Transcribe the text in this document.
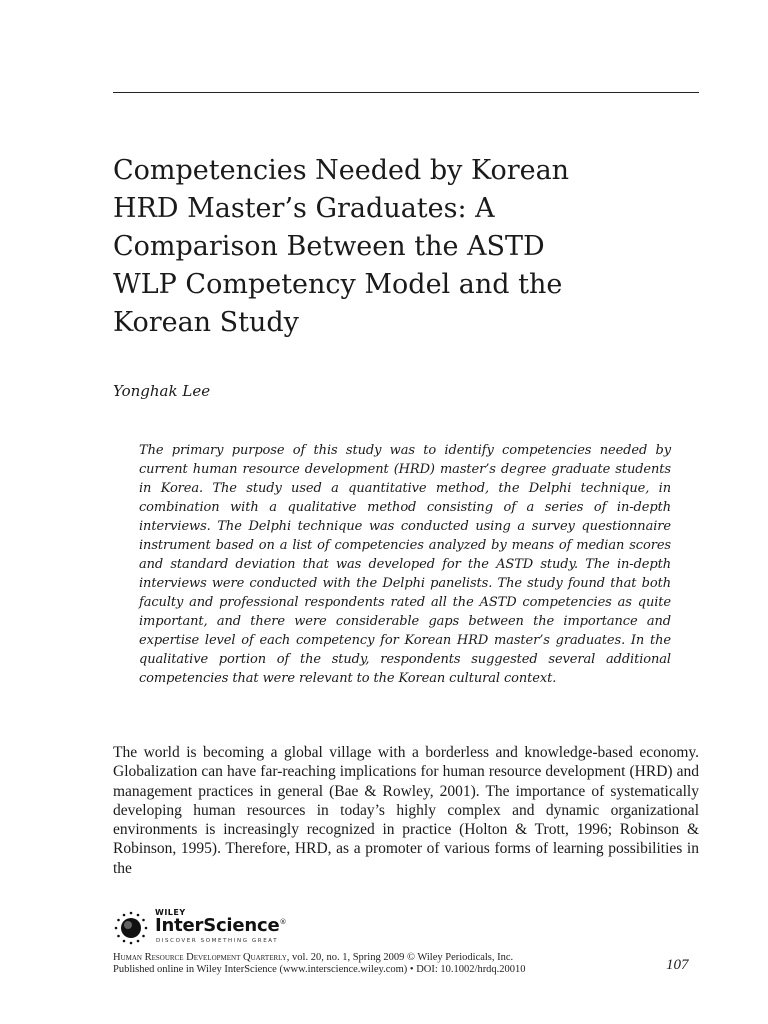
Competencies Needed by Korean
HRD Master’s Graduates: A
Comparison Between the ASTD
WLP Competency Model and the
Korean Study

Yonghak Lee

The primary purpose of this study was to identify competencies needed by current human resource development (HRD) master’s degree graduate students in Korea. The study used a quantitative method, the Delphi technique, in combination with a qualitative method consisting of a series of in-depth interviews. The Delphi technique was conducted using a survey questionnaire instrument based on a list of competencies analyzed by means of median scores and standard deviation that was developed for the ASTD study. The in-depth interviews were conducted with the Delphi panelists. The study found that both faculty and professional respondents rated all the ASTD competencies as quite important, and there were considerable gaps between the importance and expertise level of each competency for Korean HRD master’s graduates. In the qualitative portion of the study, respondents suggested several additional competencies that were relevant to the Korean cultural context.

The world is becoming a global village with a borderless and knowledge-based economy. Globalization can have far-reaching implications for human resource development (HRD) and management practices in general (Bae & Rowley, 2001). The importance of systematically developing human resources in today’s highly complex and dynamic organizational environments is increasingly recognized in practice (Holton & Trott, 1996; Robinson & Robinson, 1995). Therefore, HRD, as a promoter of various forms of learning possibilities in the

WILEY
InterScience®
DISCOVER SOMETHING GREAT
Human Resource Development Quarterly, vol. 20, no. 1, Spring 2009 © Wiley Periodicals, Inc.
Published online in Wiley InterScience (www.interscience.wiley.com) • DOI: 10.1002/hrdq.20010	107
